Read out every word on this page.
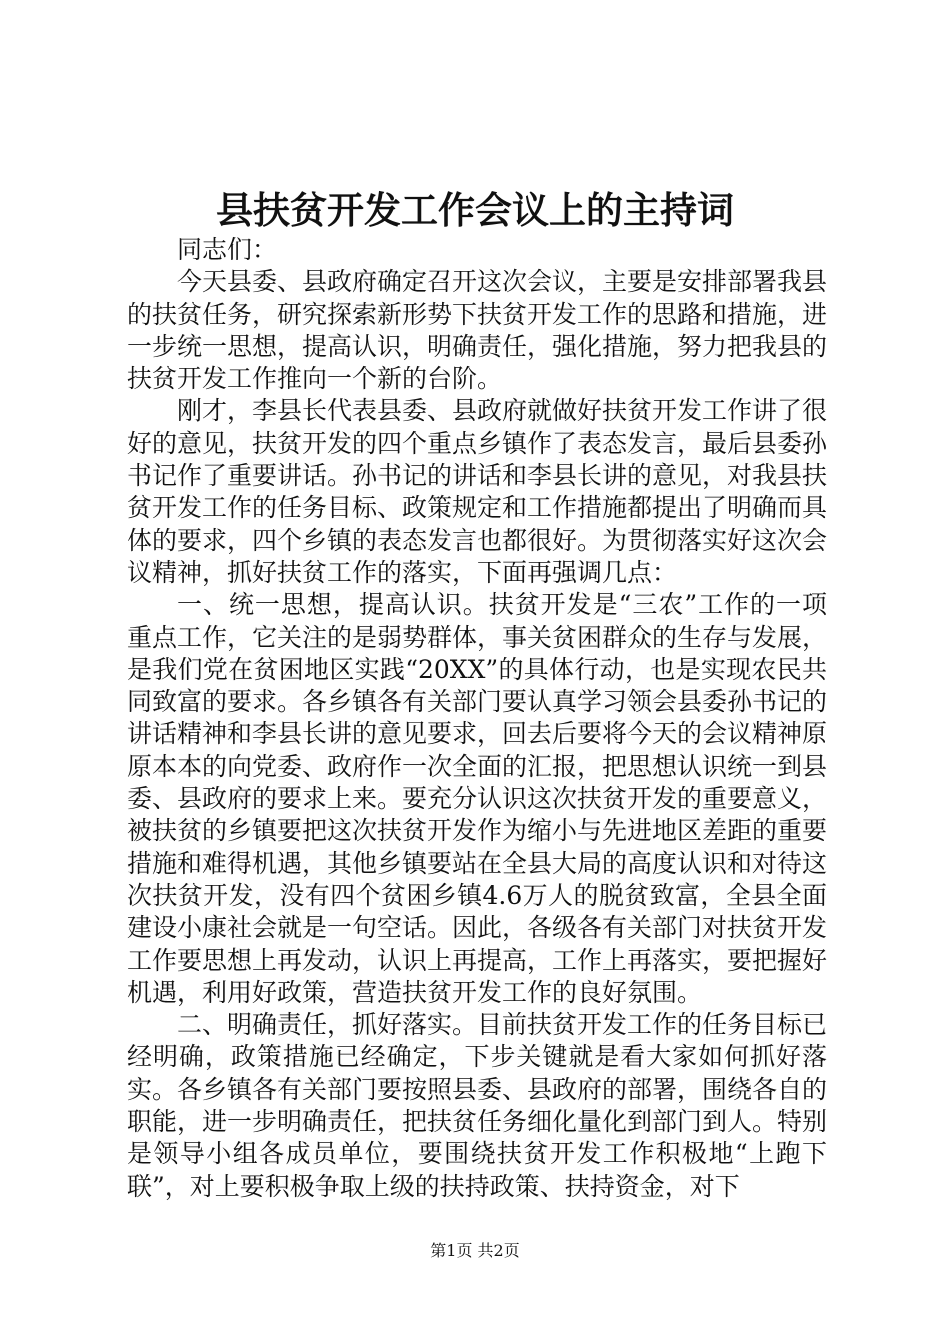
县扶贫开发工作会议上的主持词

同志们：

今天县委、县政府确定召开这次会议，主要是安排部署我县的扶贫任务，研究探索新形势下扶贫开发工作的思路和措施，进一步统一思想，提高认识，明确责任，强化措施，努力把我县的扶贫开发工作推向一个新的台阶。

刚才，李县长代表县委、县政府就做好扶贫开发工作讲了很好的意见，扶贫开发的四个重点乡镇作了表态发言，最后县委孙书记作了重要讲话。孙书记的讲话和李县长讲的意见，对我县扶贫开发工作的任务目标、政策规定和工作措施都提出了明确而具体的要求，四个乡镇的表态发言也都很好。为贯彻落实好这次会议精神，抓好扶贫工作的落实，下面再强调几点：

一、统一思想，提高认识。扶贫开发是“三农”工作的一项重点工作，它关注的是弱势群体，事关贫困群众的生存与发展，是我们党在贫困地区实践“20XX”的具体行动，也是实现农民共同致富的要求。各乡镇各有关部门要认真学习领会县委孙书记的讲话精神和李县长讲的意见要求，回去后要将今天的会议精神原原本本的向党委、政府作一次全面的汇报，把思想认识统一到县委、县政府的要求上来。要充分认识这次扶贫开发的重要意义，被扶贫的乡镇要把这次扶贫开发作为缩小与先进地区差距的重要措施和难得机遇，其他乡镇要站在全县大局的高度认识和对待这次扶贫开发，没有四个贫困乡镇4.6万人的脱贫致富，全县全面建设小康社会就是一句空话。因此，各级各有关部门对扶贫开发工作要思想上再发动，认识上再提高，工作上再落实，要把握好机遇，利用好政策，营造扶贫开发工作的良好氛围。

二、明确责任，抓好落实。目前扶贫开发工作的任务目标已经明确，政策措施已经确定，下步关键就是看大家如何抓好落实。各乡镇各有关部门要按照县委、县政府的部署，围绕各自的职能，进一步明确责任，把扶贫任务细化量化到部门到人。特别是领导小组各成员单位，要围绕扶贫开发工作积极地“上跑下联”，对上要积极争取上级的扶持政策、扶持资金，对下

第1页 共2页
